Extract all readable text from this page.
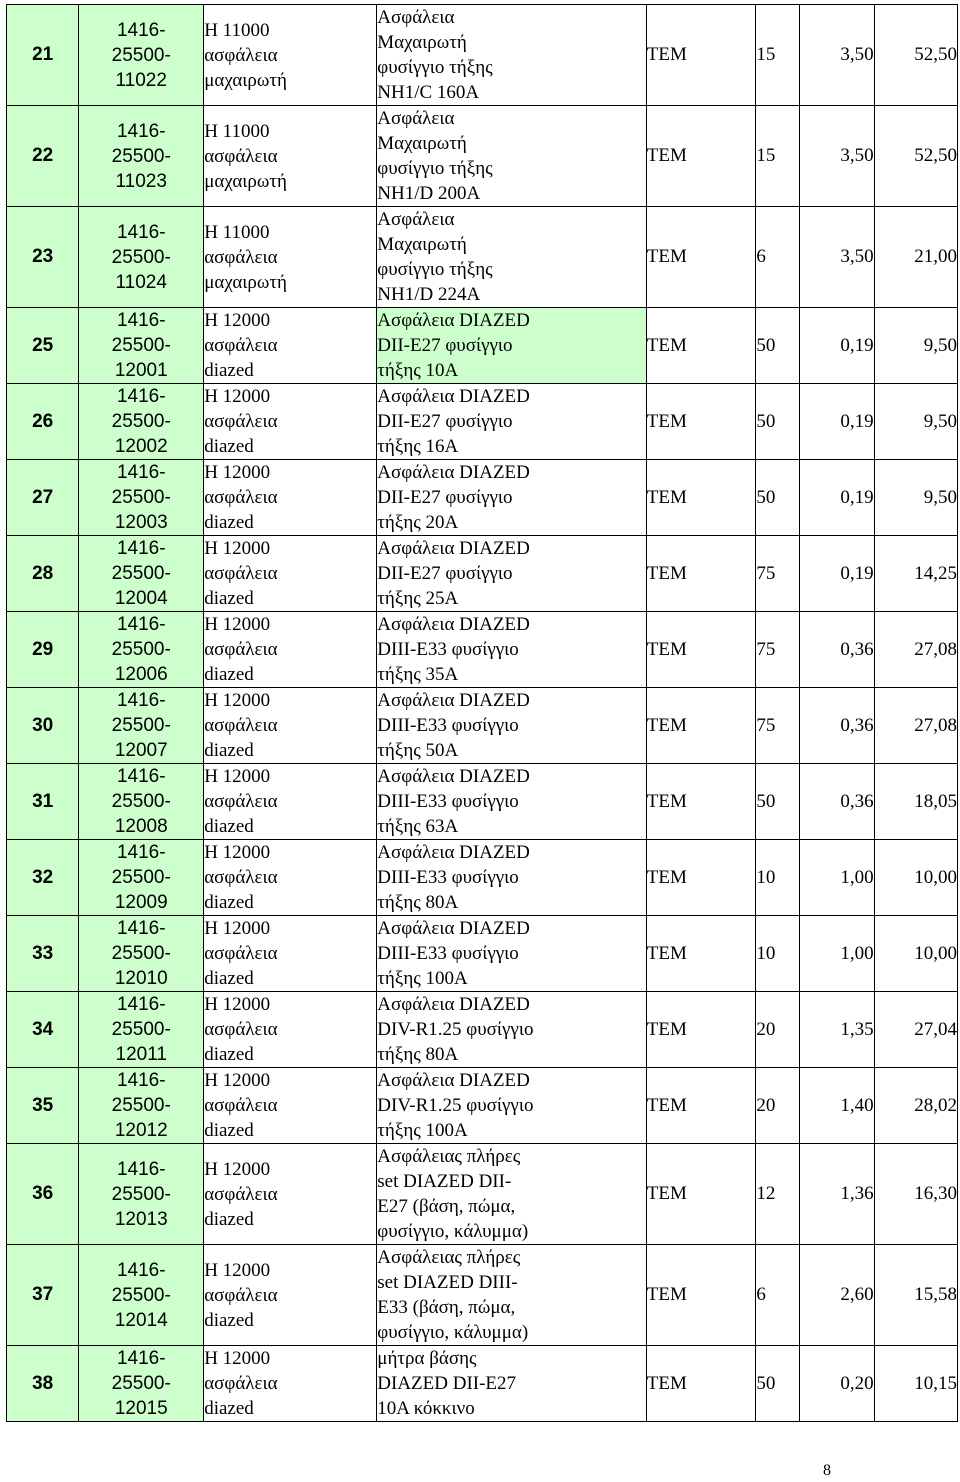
21	1416-
25500-
11022	Η 11000
ασφάλεια
μαχαιρωτή	Ασφάλεια
Μαχαιρωτή
φυσίγγιο τήξης
NH1/C 160A	ΤΕΜ	15	3,50	52,50

22	1416-
25500-
11023	Η 11000
ασφάλεια
μαχαιρωτή	Ασφάλεια
Μαχαιρωτή
φυσίγγιο τήξης
NH1/D 200A	ΤΕΜ	15	3,50	52,50

23	1416-
25500-
11024	Η 11000
ασφάλεια
μαχαιρωτή	Ασφάλεια
Μαχαιρωτή
φυσίγγιο τήξης
NH1/D 224A	ΤΕΜ	6	3,50	21,00

25	1416-
25500-
12001	Η 12000
ασφάλεια
diazed	Ασφάλεια DIAZED
DII-E27 φυσίγγιο
τήξης 10A	ΤΕΜ	50	0,19	9,50

26	1416-
25500-
12002	Η 12000
ασφάλεια
diazed	Ασφάλεια DIAZED
DII-E27 φυσίγγιο
τήξης 16A	ΤΕΜ	50	0,19	9,50

27	1416-
25500-
12003	Η 12000
ασφάλεια
diazed	Ασφάλεια DIAZED
DII-E27 φυσίγγιο
τήξης 20A	ΤΕΜ	50	0,19	9,50

28	1416-
25500-
12004	Η 12000
ασφάλεια
diazed	Ασφάλεια DIAZED
DII-E27 φυσίγγιο
τήξης 25A	ΤΕΜ	75	0,19	14,25

29	1416-
25500-
12006	Η 12000
ασφάλεια
diazed	Ασφάλεια DIAZED
DIII-E33 φυσίγγιο
τήξης 35A	ΤΕΜ	75	0,36	27,08

30	1416-
25500-
12007	Η 12000
ασφάλεια
diazed	Ασφάλεια DIAZED
DIII-E33 φυσίγγιο
τήξης 50A	ΤΕΜ	75	0,36	27,08

31	1416-
25500-
12008	Η 12000
ασφάλεια
diazed	Ασφάλεια DIAZED
DIII-E33 φυσίγγιο
τήξης 63A	ΤΕΜ	50	0,36	18,05

32	1416-
25500-
12009	Η 12000
ασφάλεια
diazed	Ασφάλεια DIAZED
DIII-E33 φυσίγγιο
τήξης 80A	ΤΕΜ	10	1,00	10,00

33	1416-
25500-
12010	Η 12000
ασφάλεια
diazed	Ασφάλεια DIAZED
DIII-E33 φυσίγγιο
τήξης 100A	ΤΕΜ	10	1,00	10,00

34	1416-
25500-
12011	Η 12000
ασφάλεια
diazed	Ασφάλεια DIAZED
DIV-R1.25 φυσίγγιο
τήξης 80A	ΤΕΜ	20	1,35	27,04

35	1416-
25500-
12012	Η 12000
ασφάλεια
diazed	Ασφάλεια DIAZED
DIV-R1.25 φυσίγγιο
τήξης 100A	ΤΕΜ	20	1,40	28,02

36	1416-
25500-
12013	Η 12000
ασφάλεια
diazed	Ασφάλειας πλήρες
set DIAZED DII-
E27 (βάση, πώμα,
φυσίγγιο, κάλυμμα)	ΤΕΜ	12	1,36	16,30

37	1416-
25500-
12014	Η 12000
ασφάλεια
diazed	Ασφάλειας πλήρες
set DIAZED DIII-
E33 (βάση, πώμα,
φυσίγγιο, κάλυμμα)	ΤΕΜ	6	2,60	15,58

38	1416-
25500-
12015	Η 12000
ασφάλεια
diazed	μήτρα βάσης
DIAZED DII-E27
10A κόκκινο	ΤΕΜ	50	0,20	10,15
8
